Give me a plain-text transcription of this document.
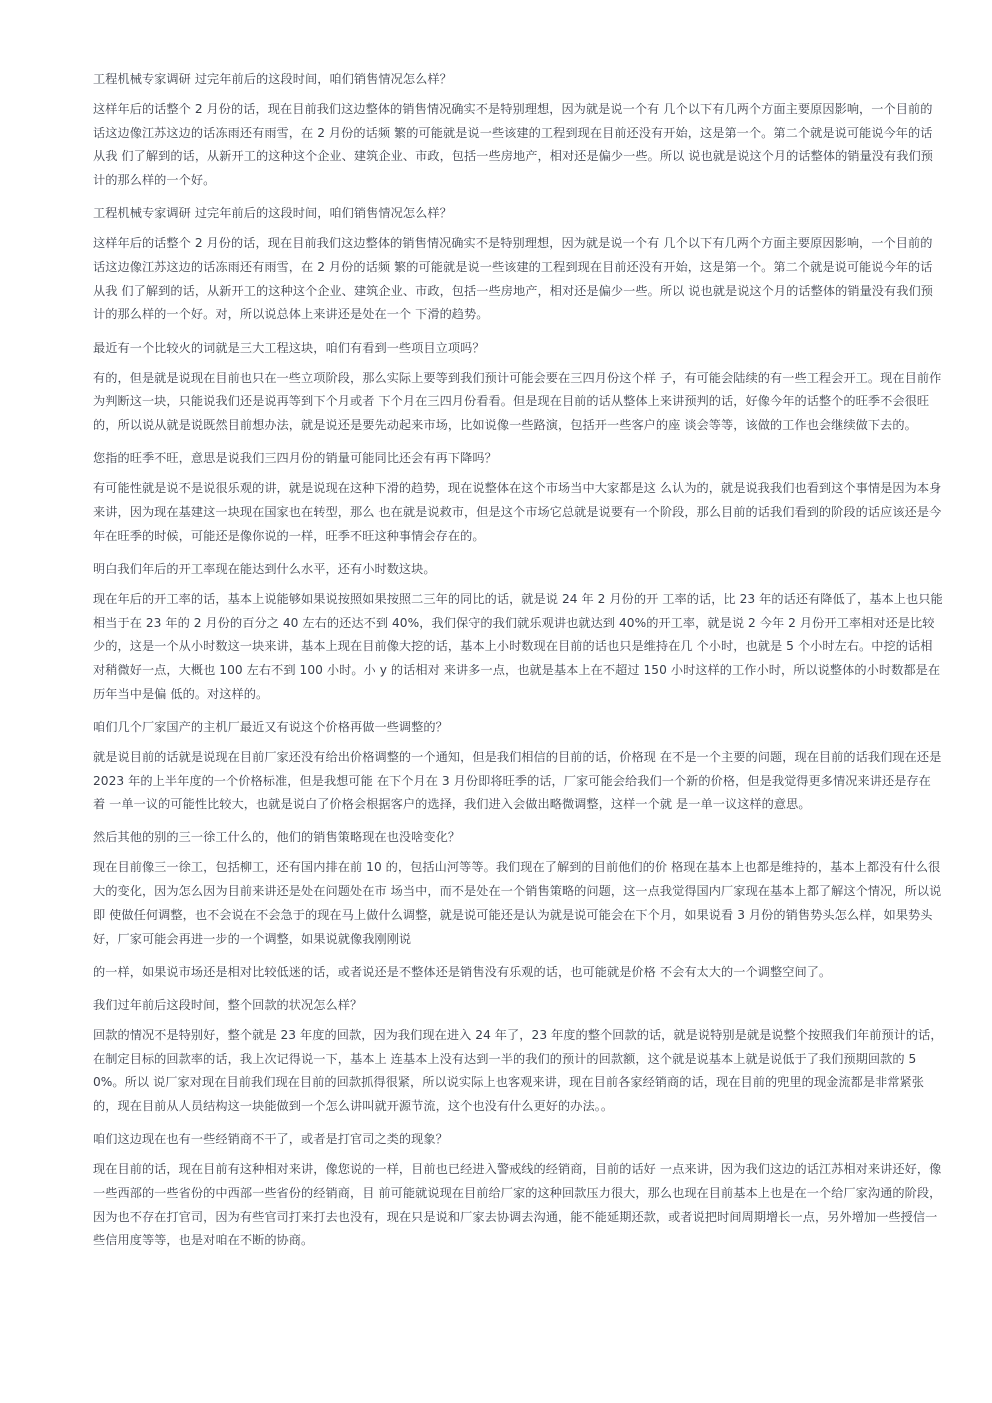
工程机械专家调研 过完年前后的这段时间，咱们销售情况怎么样？

这样年后的话整个 2 月份的话，现在目前我们这边整体的销售情况确实不是特别理想，因为就是说一个有 几个以下有几两个方面主要原因影响，一个目前的话这边像江苏这边的话冻雨还有雨雪，在 2 月份的话频 繁的可能就是说一些该建的工程到现在目前还没有开始，这是第一个。第二个就是说可能说今年的话从我 们了解到的话，从新开工的这种这个企业、建筑企业、市政，包括一些房地产，相对还是偏少一些。所以 说也就是说这个月的话整体的销量没有我们预计的那么样的一个好。

工程机械专家调研 过完年前后的这段时间，咱们销售情况怎么样？

这样年后的话整个 2 月份的话，现在目前我们这边整体的销售情况确实不是特别理想，因为就是说一个有 几个以下有几两个方面主要原因影响，一个目前的话这边像江苏这边的话冻雨还有雨雪，在 2 月份的话频 繁的可能就是说一些该建的工程到现在目前还没有开始，这是第一个。第二个就是说可能说今年的话从我 们了解到的话，从新开工的这种这个企业、建筑企业、市政，包括一些房地产，相对还是偏少一些。所以 说也就是说这个月的话整体的销量没有我们预计的那么样的一个好。对，所以说总体上来讲还是处在一个 下滑的趋势。

最近有一个比较火的词就是三大工程这块，咱们有看到一些项目立项吗？

有的，但是就是说现在目前也只在一些立项阶段，那么实际上要等到我们预计可能会要在三四月份这个样 子，有可能会陆续的有一些工程会开工。现在目前作为判断这一块，只能说我们还是说再等到下个月或者 下个月在三四月份看看。但是现在目前的话从整体上来讲预判的话，好像今年的话整个的旺季不会很旺的，所以说从就是说既然目前想办法，就是说还是要先动起来市场，比如说像一些路演，包括开一些客户的座 谈会等等，该做的工作也会继续做下去的。

您指的旺季不旺，意思是说我们三四月份的销量可能同比还会有再下降吗？

有可能性就是说不是说很乐观的讲，就是说现在这种下滑的趋势，现在说整体在这个市场当中大家都是这 么认为的，就是说我我们也看到这个事情是因为本身来讲，因为现在基建这一块现在国家也在转型，那么 也在就是说救市，但是这个市场它总就是说要有一个阶段，那么目前的话我们看到的阶段的话应该还是今 年在旺季的时候，可能还是像你说的一样，旺季不旺这种事情会存在的。

明白我们年后的开工率现在能达到什么水平，还有小时数这块。

现在年后的开工率的话，基本上说能够如果说按照如果按照二三年的同比的话，就是说 24 年 2 月份的开 工率的话，比 23 年的话还有降低了，基本上也只能相当于在 23 年的 2 月份的百分之 40 左右的还达不到 40%，我们保守的我们就乐观讲也就达到 40%的开工率，就是说 2 今年 2 月份开工率相对还是比较少的，这是一个从小时数这一块来讲，基本上现在目前像大挖的话，基本上小时数现在目前的话也只是维持在几 个小时，也就是 5 个小时左右。中挖的话相对稍微好一点，大概也 100 左右不到 100 小时。小 y 的话相对 来讲多一点，也就是基本上在不超过 150 小时这样的工作小时，所以说整体的小时数都是在历年当中是偏 低的。对这样的。

咱们几个厂家国产的主机厂最近又有说这个价格再做一些调整的？

就是说目前的话就是说现在目前厂家还没有给出价格调整的一个通知，但是我们相信的目前的话，价格现 在不是一个主要的问题，现在目前的话我们现在还是 2023 年的上半年度的一个价格标准，但是我想可能 在下个月在 3 月份即将旺季的话，厂家可能会给我们一个新的价格，但是我觉得更多情况来讲还是存在着 一单一议的可能性比较大，也就是说白了价格会根据客户的选择，我们进入会做出略微调整，这样一个就 是一单一议这样的意思。

然后其他的别的三一徐工什么的，他们的销售策略现在也没啥变化？

现在目前像三一徐工，包括柳工，还有国内排在前 10 的，包括山河等等。我们现在了解到的目前他们的价 格现在基本上也都是维持的，基本上都没有什么很大的变化，因为怎么因为目前来讲还是处在问题处在市 场当中，而不是处在一个销售策略的问题，这一点我觉得国内厂家现在基本上都了解这个情况，所以说即 使做任何调整，也不会说在不会急于的现在马上做什么调整，就是说可能还是认为就是说可能会在下个月，如果说看 3 月份的销售势头怎么样，如果势头好，厂家可能会再进一步的一个调整，如果说就像我刚刚说

的一样，如果说市场还是相对比较低迷的话，或者说还是不整体还是销售没有乐观的话，也可能就是价格 不会有太大的一个调整空间了。

我们过年前后这段时间，整个回款的状况怎么样？

回款的情况不是特别好，整个就是 23 年度的回款，因为我们现在进入 24 年了，23 年度的整个回款的话，就是说特别是就是说整个按照我们年前预计的话，在制定目标的回款率的话，我上次记得说一下，基本上 连基本上没有达到一半的我们的预计的回款额，这个就是说基本上就是说低于了我们预期回款的 50%。所以 说厂家对现在目前我们现在目前的回款抓得很紧，所以说实际上也客观来讲，现在目前各家经销商的话，现在目前的兜里的现金流都是非常紧张的，现在目前从人员结构这一块能做到一个怎么讲叫就开源节流，这个也没有什么更好的办法。。

咱们这边现在也有一些经销商不干了，或者是打官司之类的现象？

现在目前的话，现在目前有这种相对来讲，像您说的一样，目前也已经进入警戒线的经销商，目前的话好 一点来讲，因为我们这边的话江苏相对来讲还好，像一些西部的一些省份的中西部一些省份的经销商，目 前可能就说现在目前给厂家的这种回款压力很大，那么也现在目前基本上也是在一个给厂家沟通的阶段，因为也不存在打官司，因为有些官司打来打去也没有，现在只是说和厂家去协调去沟通，能不能延期还款，或者说把时间周期增长一点，另外增加一些授信一些信用度等等，也是对咱在不断的协商。
